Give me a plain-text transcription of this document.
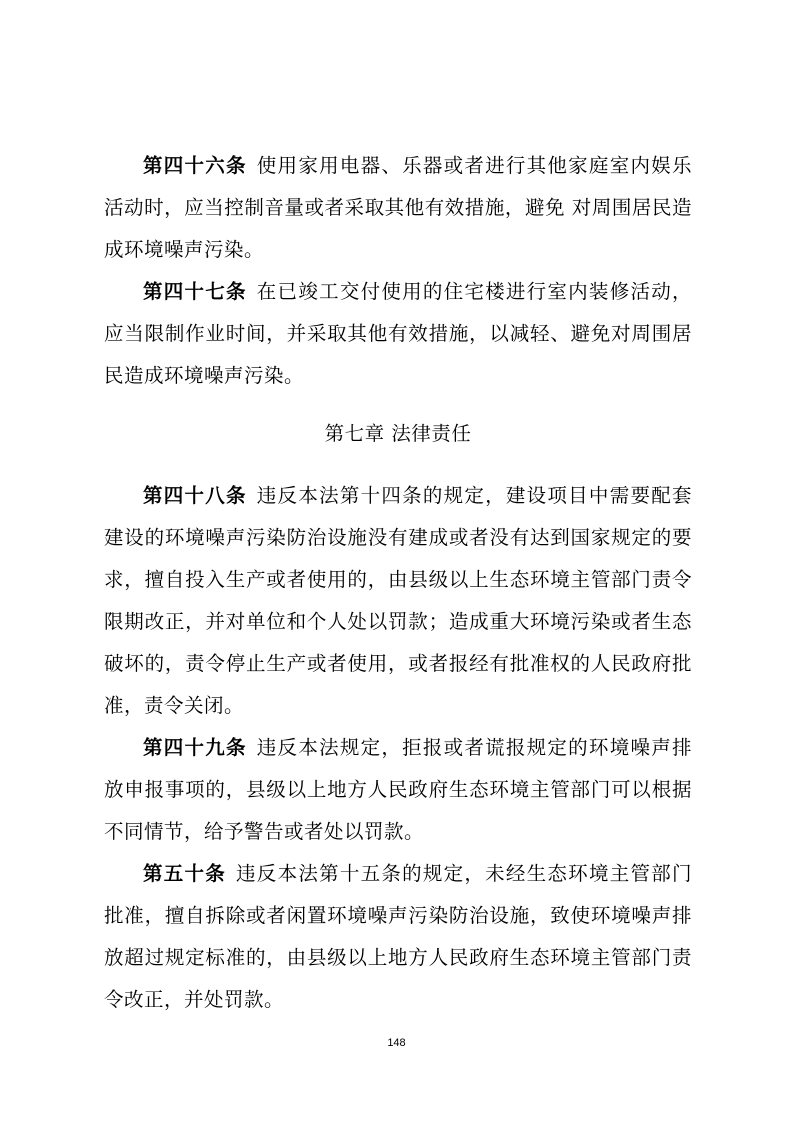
第四十六条 使用家用电器、乐器或者进行其他家庭室内娱乐活动时，应当控制音量或者采取其他有效措施，避免 对周围居民造成环境噪声污染。

第四十七条 在已竣工交付使用的住宅楼进行室内装修活动，应当限制作业时间，并采取其他有效措施，以减轻、避免对周围居民造成环境噪声污染。

第七章 法律责任

第四十八条 违反本法第十四条的规定，建设项目中需要配套建设的环境噪声污染防治设施没有建成或者没有达到国家规定的要求，擅自投入生产或者使用的，由县级以上生态环境主管部门责令限期改正，并对单位和个人处以罚款；造成重大环境污染或者生态破坏的，责令停止生产或者使用，或者报经有批准权的人民政府批准，责令关闭。

第四十九条 违反本法规定，拒报或者谎报规定的环境噪声排放申报事项的，县级以上地方人民政府生态环境主管部门可以根据不同情节，给予警告或者处以罚款。

第五十条 违反本法第十五条的规定，未经生态环境主管部门批准，擅自拆除或者闲置环境噪声污染防治设施，致使环境噪声排放超过规定标准的，由县级以上地方人民政府生态环境主管部门责令改正，并处罚款。

148
